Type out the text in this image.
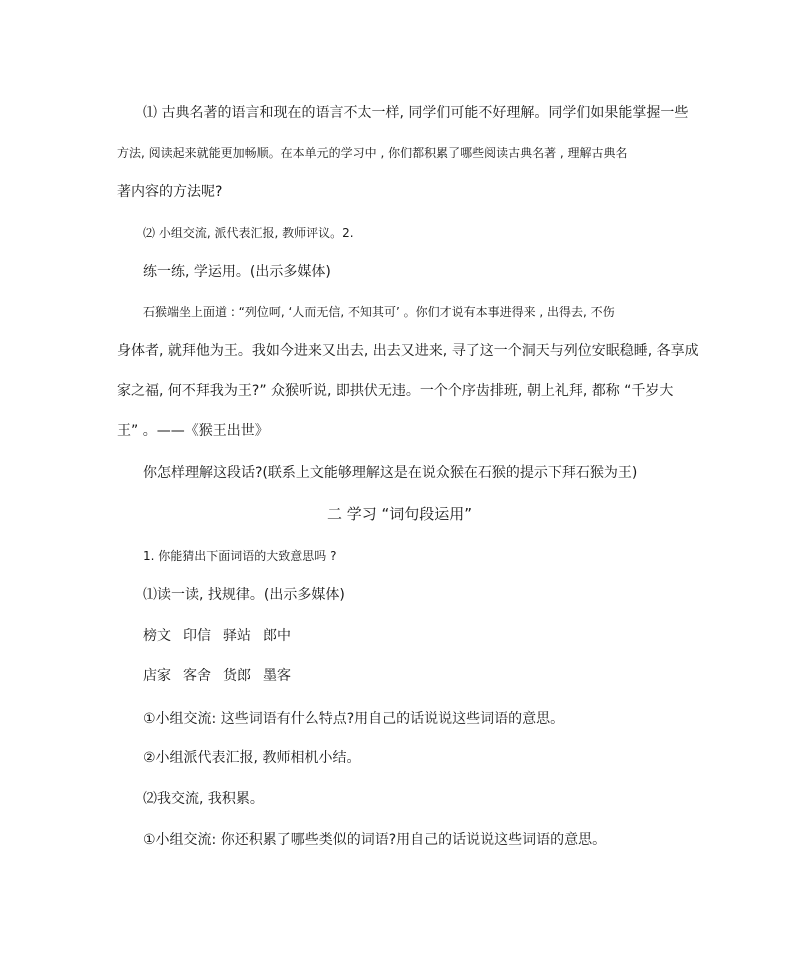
⑴ 古典名著的语言和现在的语言不太一样, 同学们可能不好理解。同学们如果能掌握一些
方法, 阅读起来就能更加畅顺。在本单元的学习中 , 你们都积累了哪些阅读古典名著 , 理解古典名
著内容的方法呢?
⑵ 小组交流, 派代表汇报, 教师评议。2.
练一练, 学运用。(出示多媒体)
石猴端坐上面道 : “列位呵, ‘人而无信, 不知其可’ 。你们才说有本事进得来 , 出得去, 不伤
身体者, 就拜他为王。我如今进来又出去, 出去又进来, 寻了这一个洞天与列位安眠稳睡, 各享成
家之福, 何不拜我为王?” 众猴听说, 即拱伏无违。一个个序齿排班, 朝上礼拜, 都称 “千岁大
王” 。——《猴王出世》
你怎样理解这段话?(联系上文能够理解这是在说众猴在石猴的提示下拜石猴为王)
二 学习 “词句段运用”
1. 你能猜出下面词语的大致意思吗 ?
⑴读一读, 找规律。(出示多媒体)
榜文 印信 驿站 郎中
店家 客舍 货郎 墨客
①小组交流: 这些词语有什么特点?用自己的话说说这些词语的意思。
②小组派代表汇报, 教师相机小结。
⑵我交流, 我积累。
①小组交流: 你还积累了哪些类似的词语?用自己的话说说这些词语的意思。
